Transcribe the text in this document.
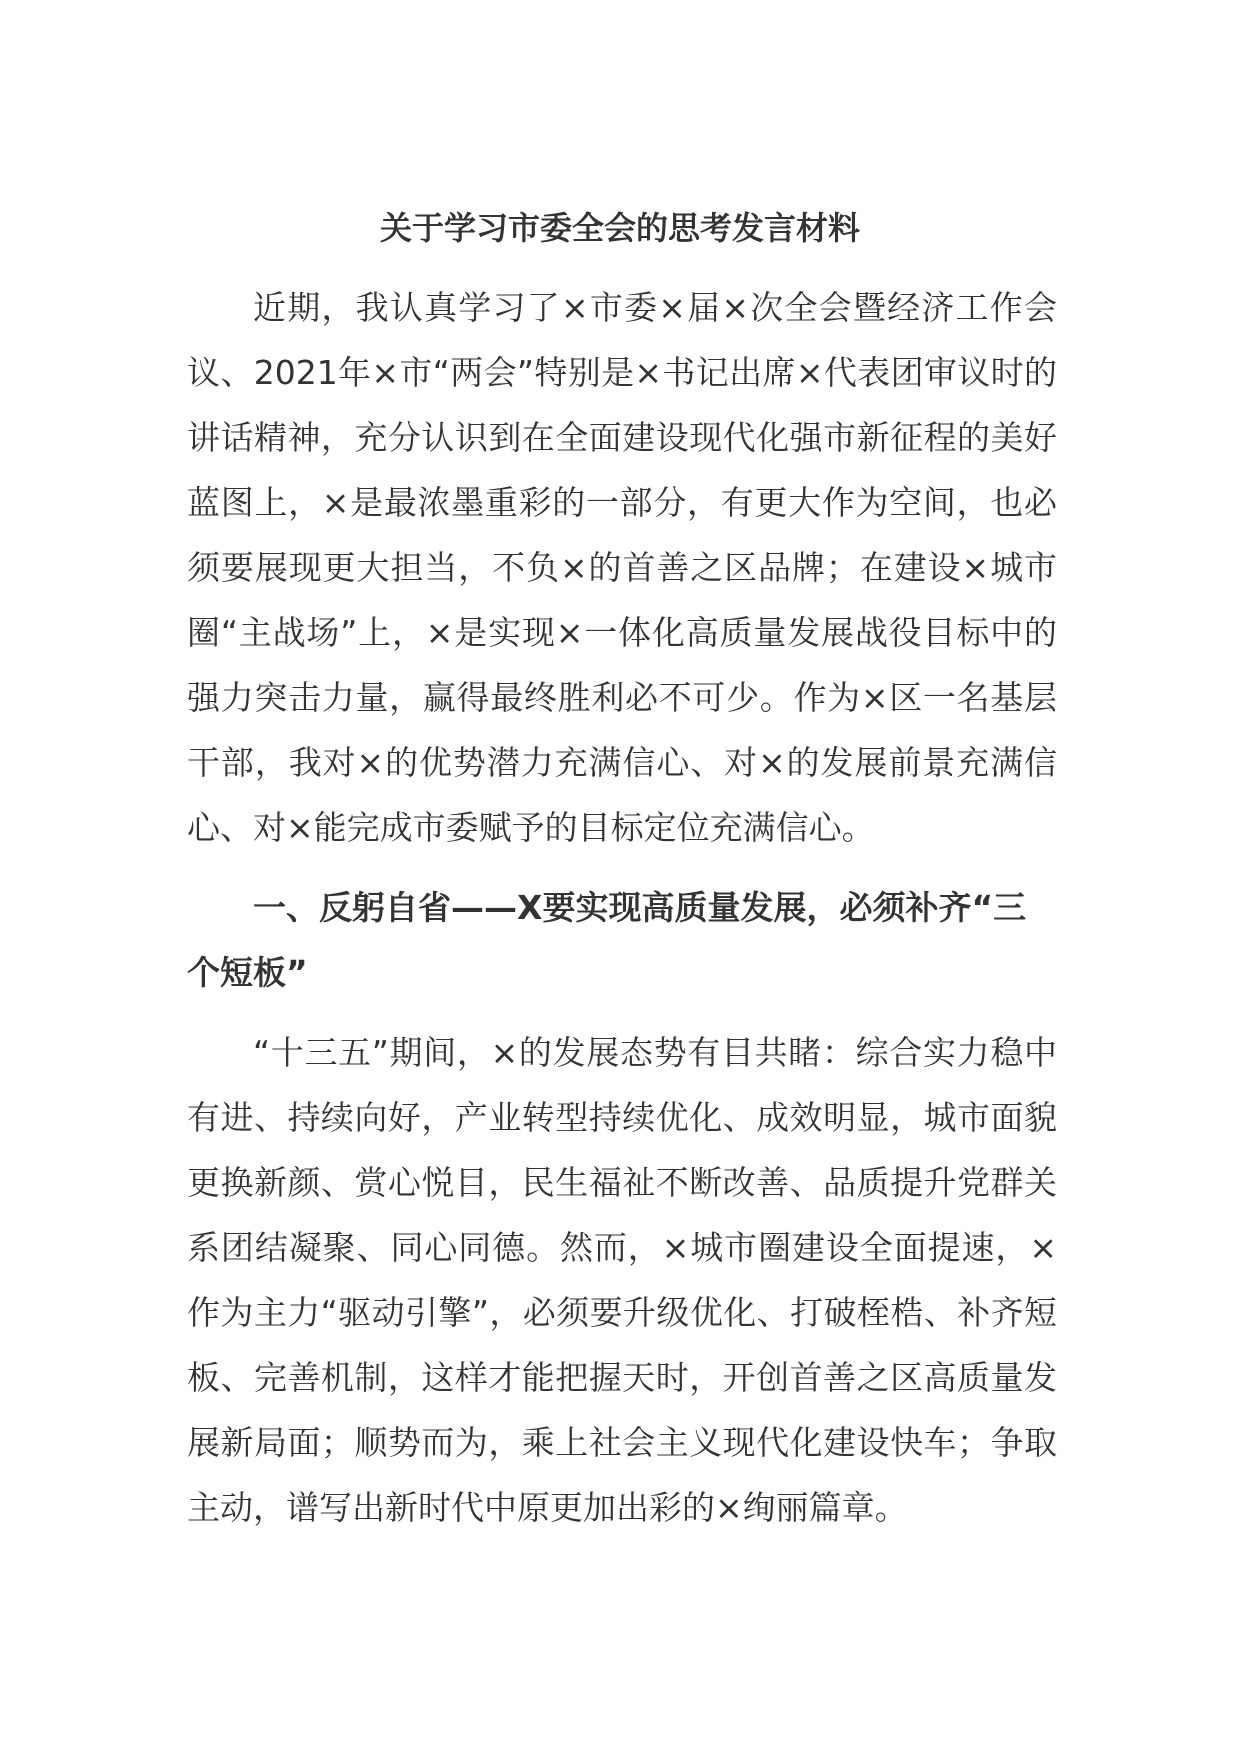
关于学习市委全会的思考发言材料

近期，我认真学习了×市委×届×次全会暨经济工作会议、2021年×市“两会”特别是×书记出席×代表团审议时的讲话精神，充分认识到在全面建设现代化强市新征程的美好蓝图上，×是最浓墨重彩的一部分，有更大作为空间，也必须要展现更大担当，不负×的首善之区品牌；在建设×城市圈“主战场”上，×是实现×一体化高质量发展战役目标中的强力突击力量，赢得最终胜利必不可少。作为×区一名基层干部，我对×的优势潜力充满信心、对×的发展前景充满信心、对×能完成市委赋予的目标定位充满信心。

一、反躬自省——X要实现高质量发展，必须补齐“三个短板”

“十三五”期间，×的发展态势有目共睹：综合实力稳中有进、持续向好，产业转型持续优化、成效明显，城市面貌更换新颜、赏心悦目，民生福祉不断改善、品质提升党群关系团结凝聚、同心同德。然而，×城市圈建设全面提速，×作为主力“驱动引擎”，必须要升级优化、打破桎梏、补齐短板、完善机制，这样才能把握天时，开创首善之区高质量发展新局面；顺势而为，乘上社会主义现代化建设快车；争取主动，谱写出新时代中原更加出彩的×绚丽篇章。
